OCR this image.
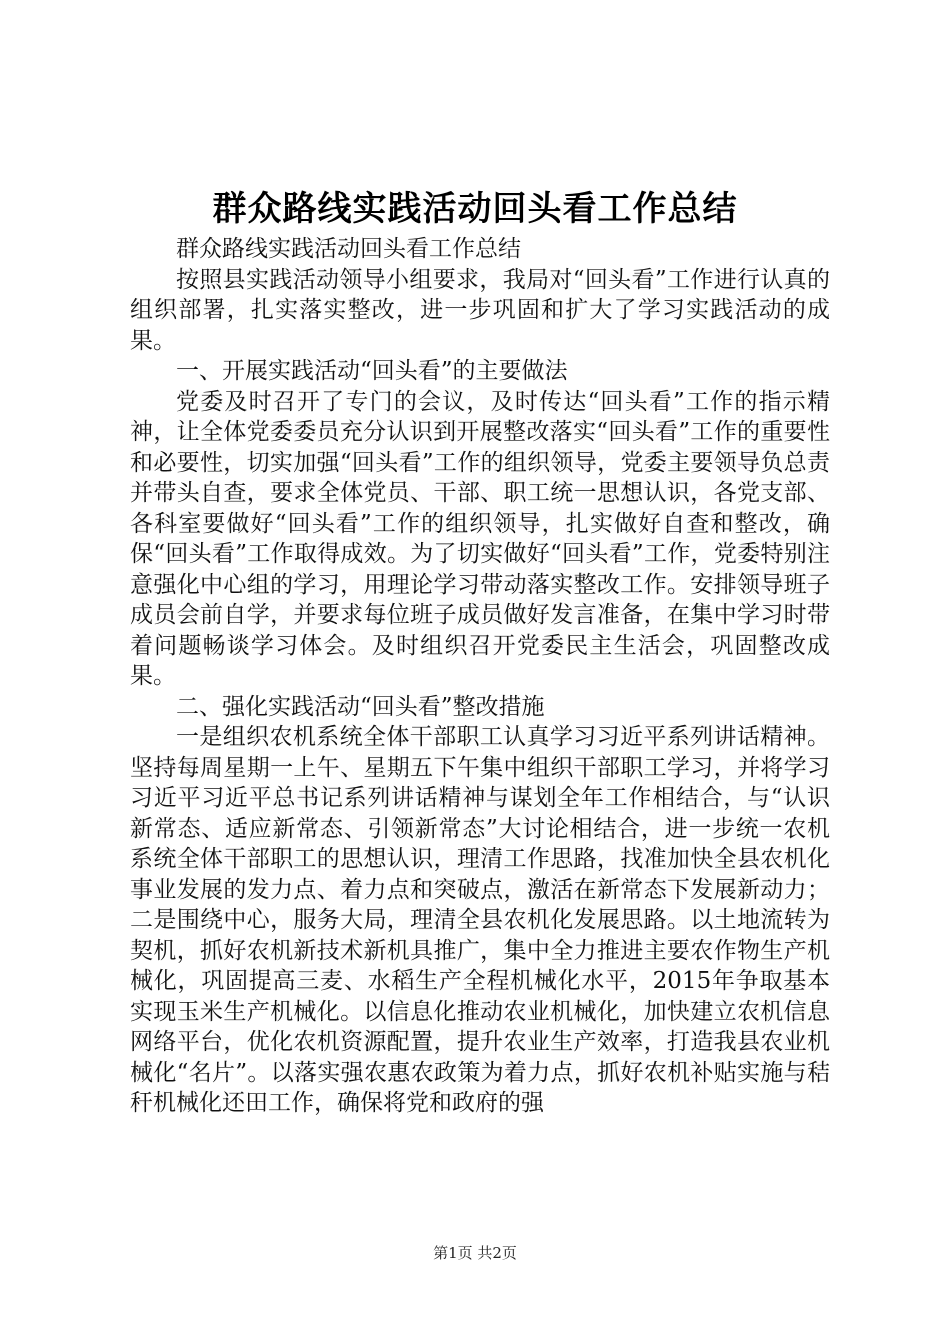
群众路线实践活动回头看工作总结

群众路线实践活动回头看工作总结

按照县实践活动领导小组要求，我局对“回头看”工作进行认真的组织部署，扎实落实整改，进一步巩固和扩大了学习实践活动的成果。

一、开展实践活动“回头看”的主要做法

党委及时召开了专门的会议，及时传达“回头看”工作的指示精神，让全体党委委员充分认识到开展整改落实“回头看”工作的重要性和必要性，切实加强“回头看”工作的组织领导，党委主要领导负总责并带头自查，要求全体党员、干部、职工统一思想认识，各党支部、各科室要做好“回头看”工作的组织领导，扎实做好自查和整改，确保“回头看”工作取得成效。为了切实做好“回头看”工作，党委特别注意强化中心组的学习，用理论学习带动落实整改工作。安排领导班子成员会前自学，并要求每位班子成员做好发言准备，在集中学习时带着问题畅谈学习体会。及时组织召开党委民主生活会，巩固整改成果。

二、强化实践活动“回头看”整改措施

一是组织农机系统全体干部职工认真学习习近平系列讲话精神。坚持每周星期一上午、星期五下午集中组织干部职工学习，并将学习习近平习近平总书记系列讲话精神与谋划全年工作相结合，与“认识新常态、适应新常态、引领新常态”大讨论相结合，进一步统一农机系统全体干部职工的思想认识，理清工作思路，找准加快全县农机化事业发展的发力点、着力点和突破点，激活在新常态下发展新动力；二是围绕中心，服务大局，理清全县农机化发展思路。以土地流转为契机，抓好农机新技术新机具推广，集中全力推进主要农作物生产机械化，巩固提高三麦、水稻生产全程机械化水平，2015年争取基本实现玉米生产机械化。以信息化推动农业机械化，加快建立农机信息网络平台，优化农机资源配置，提升农业生产效率，打造我县农业机械化“名片”。以落实强农惠农政策为着力点，抓好农机补贴实施与秸秆机械化还田工作，确保将党和政府的强

第1页 共2页
